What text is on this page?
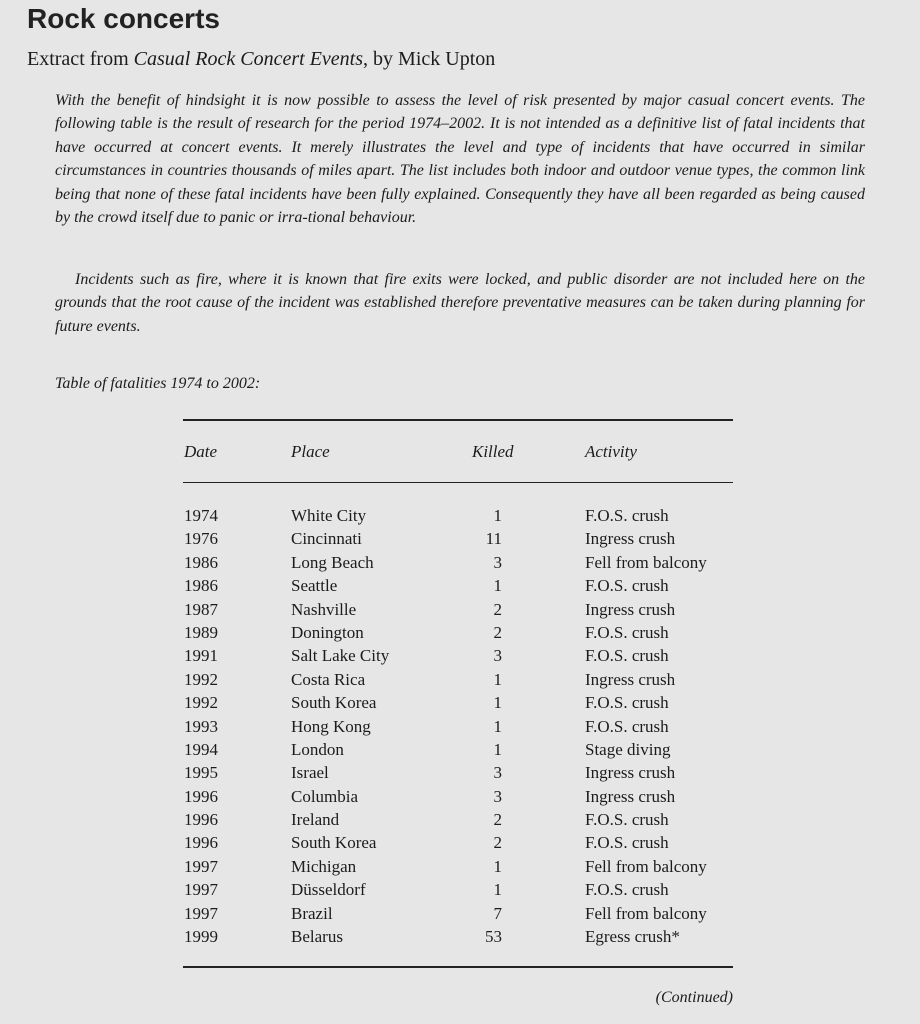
Rock concerts
Extract from Casual Rock Concert Events, by Mick Upton

With the benefit of hindsight it is now possible to assess the level of risk presented by major casual concert events. The following table is the result of research for the period 1974–2002. It is not intended as a definitive list of fatal incidents that have occurred at concert events. It merely illustrates the level and type of incidents that have occurred in similar circumstances in countries thousands of miles apart. The list includes both indoor and outdoor venue types, the common link being that none of these fatal incidents have been fully explained. Consequently they have all been regarded as being caused by the crowd itself due to panic or irra-tional behaviour.

Incidents such as fire, where it is known that fire exits were locked, and public disorder are not included here on the grounds that the root cause of the incident was established therefore preventative measures can be taken during planning for future events.

Table of fatalities 1974 to 2002:
Date	Place	Killed	Activity
1974	White City	1	F.O.S. crush
1976	Cincinnati	11	Ingress crush
1986	Long Beach	3	Fell from balcony
1986	Seattle	1	F.O.S. crush
1987	Nashville	2	Ingress crush
1989	Donington	2	F.O.S. crush
1991	Salt Lake City	3	F.O.S. crush
1992	Costa Rica	1	Ingress crush
1992	South Korea	1	F.O.S. crush
1993	Hong Kong	1	F.O.S. crush
1994	London	1	Stage diving
1995	Israel	3	Ingress crush
1996	Columbia	3	Ingress crush
1996	Ireland	2	F.O.S. crush
1996	South Korea	2	F.O.S. crush
1997	Michigan	1	Fell from balcony
1997	Düsseldorf	1	F.O.S. crush
1997	Brazil	7	Fell from balcony
1999	Belarus	53	Egress crush*
(Continued)
